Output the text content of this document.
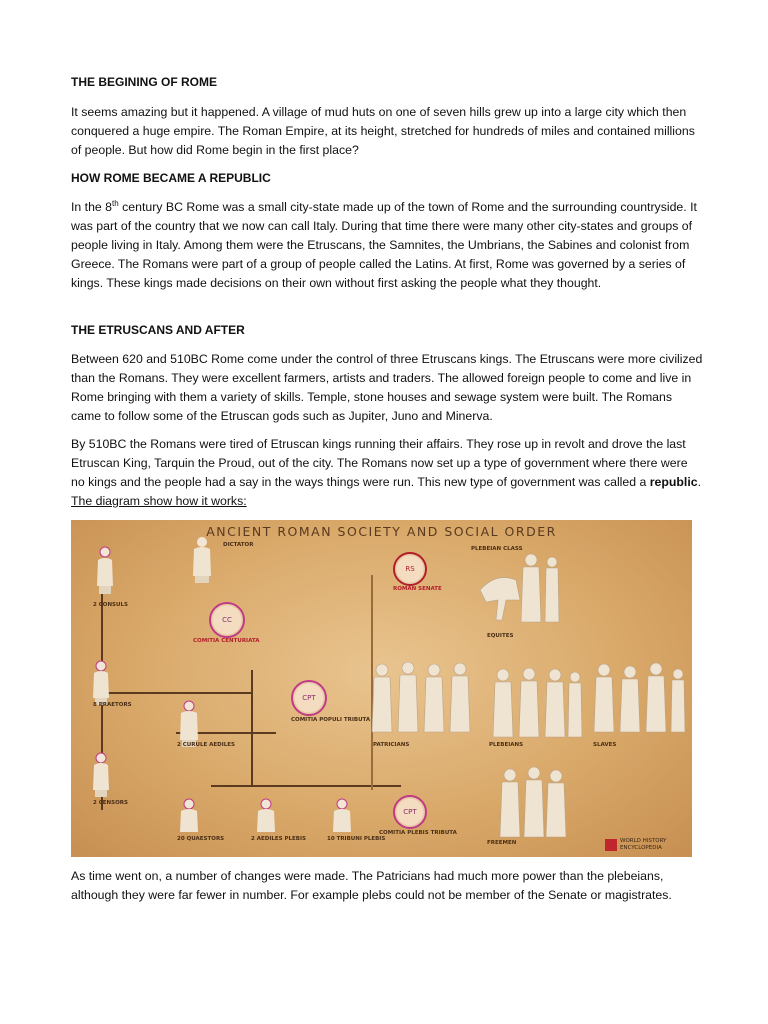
THE BEGINING OF ROME

It seems amazing but it happened. A village of mud huts on one of seven hills grew up into a large city which then conquered a huge empire. The Roman Empire, at its height, stretched for hundreds of miles and contained millions of people. But how did Rome begin in the first place?

HOW ROME BECAME A REPUBLIC

In the 8th century BC Rome was a small city-state made up of the town of Rome and the surrounding countryside. It was part of the country that we now can call Italy. During that time there were many other city-states and groups of people living in Italy. Among them were the Etruscans, the Samnites, the Umbrians, the Sabines and colonist from Greece. The Romans were part of a group of people called the Latins. At first, Rome was governed by a series of kings. These kings made decisions on their own without first asking the people what they thought.

THE ETRUSCANS AND AFTER

Between 620 and 510BC Rome come under the control of three Etruscans kings. The Etruscans were more civilized than the Romans. They were excellent farmers, artists and traders. The allowed foreign people to come and live in Rome bringing with them a variety of skills. Temple, stone houses and sewage system were built. The Romans came to follow some of the Etruscan gods such as Jupiter, Juno and Minerva.

By 510BC the Romans were tired of Etruscan kings running their affairs. They rose up in revolt and drove the last Etruscan King, Tarquin the Proud, out of the city. The Romans now set up a type of government where there were no kings and the people had a say in the ways things were run. This new type of government was called a republic. The diagram show how it works:

As time went on, a number of changes were made. The Patricians had much more power than the plebeians, although they were far fewer in number. For example plebs could not be member of the Senate or magistrates.

ANCIENT ROMAN SOCIETY AND SOCIAL ORDER
RS
CC
CPT
CPT
DICTATOR
2 CONSULS
COMITIA CENTURIATA
ROMAN SENATE
PLEBEIAN CLASS
EQUITES
8 PRAETORS
COMITIA POPULI TRIBUTA
2 CURULE AEDILES	PATRICIANS	PLEBEIANS	SLAVES
2 CENSORS
20 QUAESTORS	2 AEDILES PLEBIS	10 TRIBUNI PLEBIS
COMITIA PLEBIS TRIBUTA
FREEMEN	WORLD HISTORY ENCYCLOPEDIA
